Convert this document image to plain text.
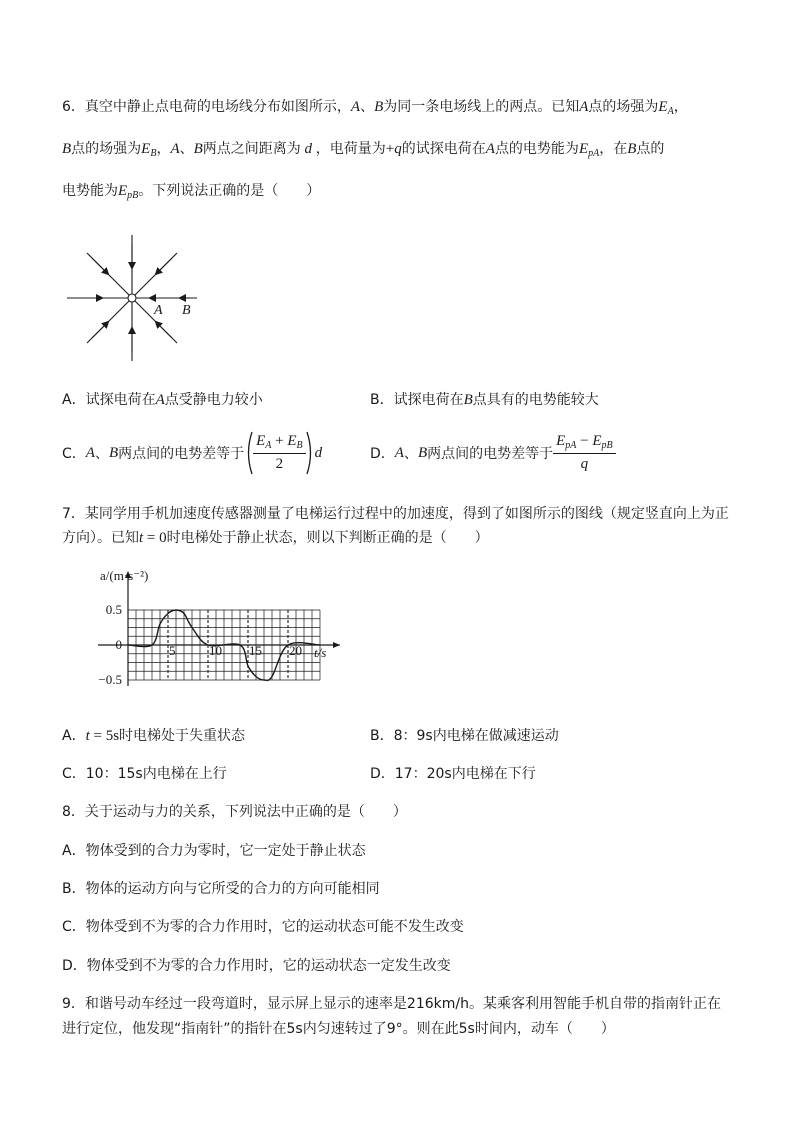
6．真空中静止点电荷的电场线分布如图所示，A、B为同一条电场线上的两点。已知A点的场强为$E_A$，
B点的场强为$E_B$，A、B两点之间距离为 d ，电荷量为+q的试探电荷在A点的电势能为$E_{pA}$，在B点的
电势能为$E_{pB}$。下列说法正确的是（　　）
A B
A．试探电荷在A点受静电力较小	B．试探电荷在B点具有的电势能较大
C． A 、 B 两点间的电势差等于 $\frac{E_A + E_B}{2}$ d	D． A 、 B 两点间的电势差等于 $\frac{E_{pA} - E_{pB}}{q}$
7．某同学用手机加速度传感器测量了电梯运行过程中的加速度，得到了如图所示的图线（规定竖直向上为正
方向）。已知t = 0时电梯处于静止状态，则以下判断正确的是（　　）
0.5
0
−0.5
5	10 15 20
a/(m·s⁻²)
t/s
A．t = 5s时电梯处于失重状态	B．8：9s内电梯在做减速运动
C．10：15s内电梯在上行	D．17：20s内电梯在下行
8．关于运动与力的关系，下列说法中正确的是（　　）
A．物体受到的合力为零时，它一定处于静止状态
B．物体的运动方向与它所受的合力的方向可能相同
C．物体受到不为零的合力作用时，它的运动状态可能不发生改变
D．物体受到不为零的合力作用时，它的运动状态一定发生改变
9．和谐号动车经过一段弯道时，显示屏上显示的速率是216km/h。某乘客利用智能手机自带的指南针正在
进行定位，他发现“指南针”的指针在5s内匀速转过了9°。则在此5s时间内，动车（　　）
